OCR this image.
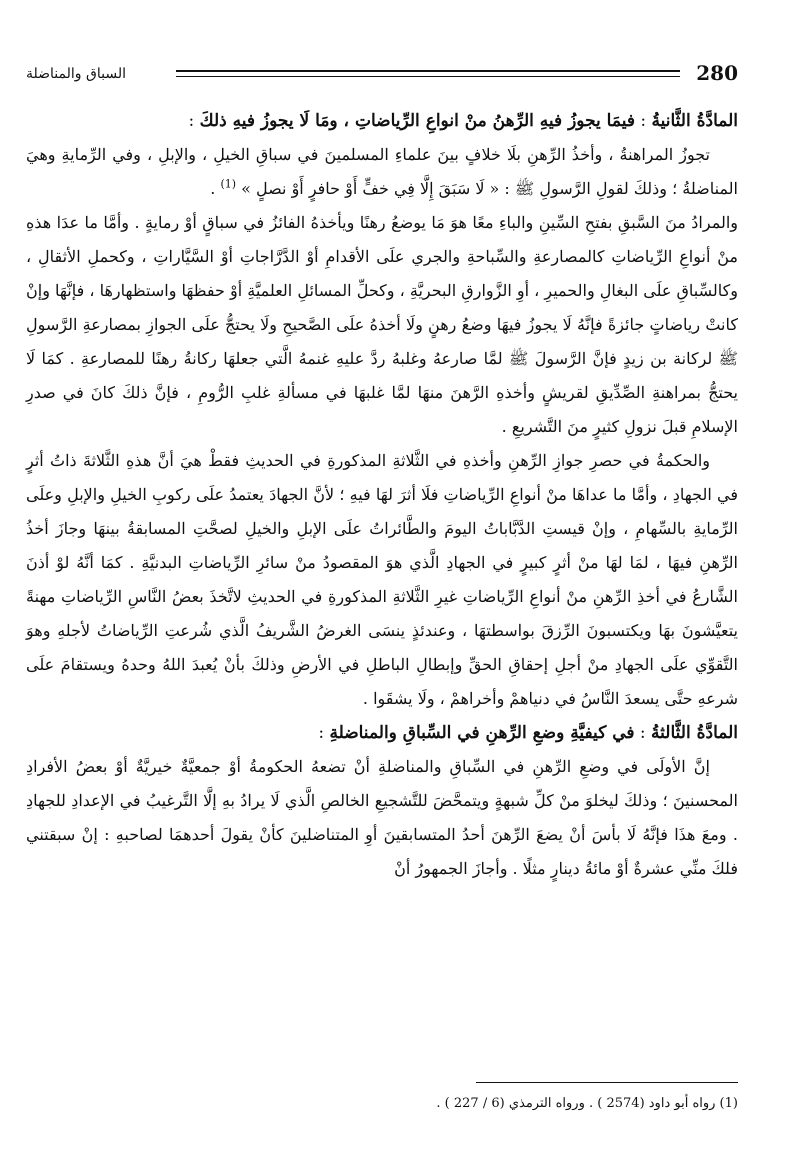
280
السباق والمناضلة

المادَّةُ الثَّانيةُ : فيمَا يجوزُ فيهِ الرِّهنُ منْ انواعِ الرِّياضاتِ ، ومَا لَا يجوزُ فيهِ ذلكَ :

تجوزُ المراهنةُ ، وأخذُ الرِّهنِ بلَا خلافٍ بينَ علماءِ المسلمينَ في سباقِ الخيلِ ، والإبلِ ، وفي الرِّمايةِ وهيَ المناضلةُ ؛ وذلكَ لقولِ الرَّسولِ ﷺ : « لَا سَبَقَ إِلَّا فِي خفٍّ أَوْ حافرٍ أَوْ نصلٍ » $^{(1)}$ .

والمرادُ منَ السَّبقِ بفتحِ السِّينِ والباءِ معًا هوَ مَا يوضعُ رهنًا ويأخذهُ الفائزُ في سباقٍ أوْ رمايةٍ . وأمَّا ما عدَا هذهِ منْ أنواعِ الرِّياضاتِ كالمصارعةِ والسِّباحةِ والجري علَى الأقدامِ أوْ الدَّرَّاجاتِ أوْ السَّيَّاراتِ ، وكحملِ الأثقالِ ، وكالسِّباقِ علَى البغالِ والحميرِ ، أوِ الزَّوارقِ البحريَّةِ ، وكحلِّ المسائلِ العلميَّةِ أوْ حفظهَا واستظهارهَا ، فإنَّهَا وإنْ كانتْ رياضاتٍ جائزةً فإنَّهُ لَا يجوزُ فيهَا وضعُ رهنٍ ولَا أخذهُ علَى الصَّحيحِ ولَا يحتجُّ علَى الجوازِ بمصارعةِ الرَّسولِ ﷺ لركانة بن زيدٍ فإنَّ الرَّسولَ ﷺ لمَّا صارعهُ وغلبهُ ردَّ عليهِ غنمهُ الَّتي جعلهَا ركانةُ رهنًا للمصارعةِ . كمَا لَا يحتجُّ بمراهنةِ الصِّدِّيقِ لقريشٍ وأخذهِ الرَّهنَ منهَا لمَّا غلبهَا في مسألةِ غلبِ الرُّومِ ، فإنَّ ذلكَ كانَ في صدرِ الإسلامِ قبلَ نزولِ كثيرٍ منَ التَّشريعِ .

والحكمةُ في حصرِ جوازِ الرِّهنِ وأخذهِ في الثَّلاثةِ المذكورةِ في الحديثِ فقطْ هيَ أنَّ هذهِ الثَّلاثةَ ذاتُ أثرٍ في الجهادِ ، وأمَّا ما عداهَا منْ أنواعِ الرِّياضاتِ فلَا أثرَ لهَا فيهِ ؛ لأنَّ الجهادَ يعتمدُ علَى ركوبِ الخيلِ والإبلِ وعلَى الرِّمايةِ بالسِّهامِ ، وإنْ قيستِ الدَّبَّاباتُ اليومَ والطَّائراتُ علَى الإبلِ والخيلِ لصحَّتِ المسابقةُ بينهَا وجازَ أخذُ الرِّهنِ فيهَا ، لمَا لهَا منْ أثرٍ كبيرٍ في الجهادِ الَّذي هوَ المقصودُ منْ سائرِ الرِّياضاتِ البدنيَّةِ . كمَا أنَّهُ لوْ أذنَ الشَّارعُ في أخذِ الرِّهنِ منْ أنواعِ الرِّياضاتِ غيرِ الثَّلاثةِ المذكورةِ في الحديثِ لاتَّخذَ بعضُ النَّاسِ الرِّياضاتِ مهنةً يتعيَّشونَ بهَا ويكتسبونَ الرِّزقَ بواسطتهَا ، وعندئذٍ ينسَى الغرضُ الشَّريفُ الَّذي شُرعتِ الرِّياضاتُ لأجلهِ وهوَ التَّقوِّي علَى الجهادِ منْ أجلِ إحقاقِ الحقِّ وإبطالِ الباطلِ في الأرضِ وذلكَ بأنْ يُعبدَ اللهُ وحدهُ ويستقامَ علَى شرعهِ حتَّى يسعدَ النَّاسُ في دنياهمْ وأخراهمْ ، ولَا يشقَوا .

المادَّةُ الثَّالثةُ : في كيفيَّةِ وضعِ الرِّهنِ في السِّباقِ والمناضلةِ :

إنَّ الأولَى في وضعِ الرِّهنِ في السِّباقِ والمناضلةِ أنْ تضعهُ الحكومةُ أوْ جمعيَّةٌ خيريَّةٌ أوْ بعضُ الأفرادِ المحسنينَ ؛ وذلكَ ليخلوَ منْ كلِّ شبهةٍ ويتمحَّضَ للتَّشجيعِ الخالصِ الَّذي لَا يرادُ بهِ إلَّا التَّرغيبُ في الإعدادِ للجهادِ . ومعَ هذَا فإنَّهُ لَا بأسَ أنْ يضعَ الرِّهنَ أحدُ المتسابقينَ أوِ المتناضلينَ كأنْ يقولَ أحدهمَا لصاحبهِ : إنْ سبقتني فلكَ منِّي عشرةٌ أوْ مائةُ دينارٍ مثلًا . وأجازَ الجمهورُ أنْ

(1) رواه أبو داود (2574 ) . ورواه الترمذي (6 / 227 ) .
